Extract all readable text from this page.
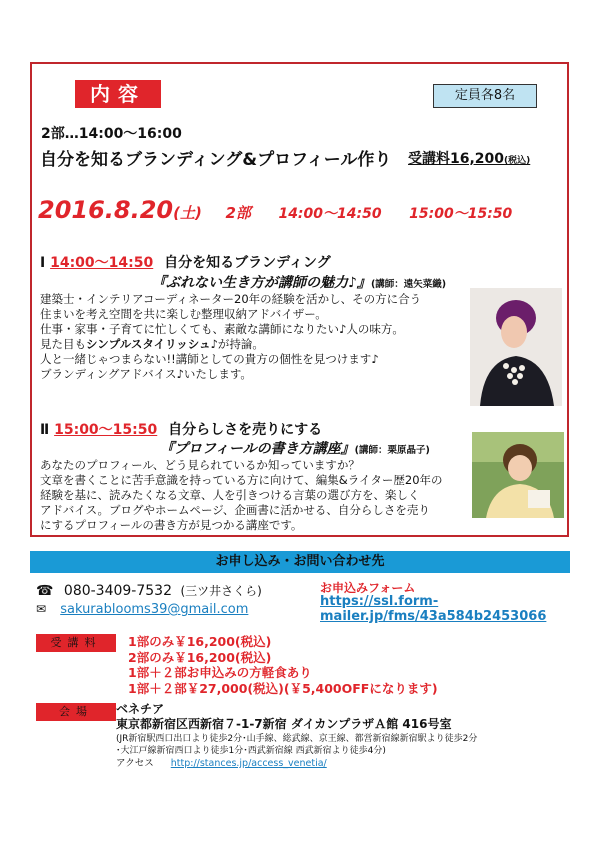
内容	定員各8名
2部…14:00〜16:00
自分を知るブランディング&プロフィール作り 受講料16,200(税込)
2016.8.20(土) 2部 14:00〜14:50 15:00〜15:50
Ⅰ 14:00〜14:50 自分を知るブランディング
『ぶれない生き方が講師の魅力♪』(講師：遠矢菜織)
建築士・インテリアコーディネーター20年の経験を活かし、その方に合う
住まいを考え空間を共に楽しむ整理収納アドバイザー。
仕事・家事・子育てに忙しくても、素敵な講師になりたい♪人の味方。
見た目もシンプルスタイリッシュ♪が持論。
人と一緒じゃつまらない!!講師としての貴方の個性を見つけます♪
ブランディングアドバイス♪いたします。
Ⅱ 15:00〜15:50 自分らしさを売りにする
『プロフィールの書き方講座』(講師：栗原晶子)
あなたのプロフィール、どう見られているか知っていますか？
文章を書くことに苦手意識を持っている方に向けて、編集&ライター歴20年の
経験を基に、読みたくなる文章、人を引きつける言葉の選び方を、楽しく
アドバイス。ブログやホームページ、企画書に活かせる、自分らしさを売り
にするプロフィールの書き方が見つかる講座です。
お申し込み・お問い合わせ先
☎ 080-3409-7532 (三ツ井さくら)
✉ sakurablooms39@gmail.com
お申込みフォーム
https://ssl.form-
mailer.jp/fms/43a584b2453066
受講料	1部のみ￥16,200(税込)
2部のみ￥16,200(税込)
1部＋２部お申込みの方軽食あり
1部＋２部￥27,000(税込)(￥5,400OFFになります)
会場	ベネチア
東京都新宿区西新宿７-1-7新宿 ダイカンプラザＡ館 416号室
(JR新宿駅西口出口より徒歩2分･山手線、総武線、京王線、都営新宿線新宿駅より徒歩2分
･大江戸線新宿西口より徒歩1分･西武新宿線 西武新宿より徒歩4分)
アクセス http://stances.jp/access_venetia/
